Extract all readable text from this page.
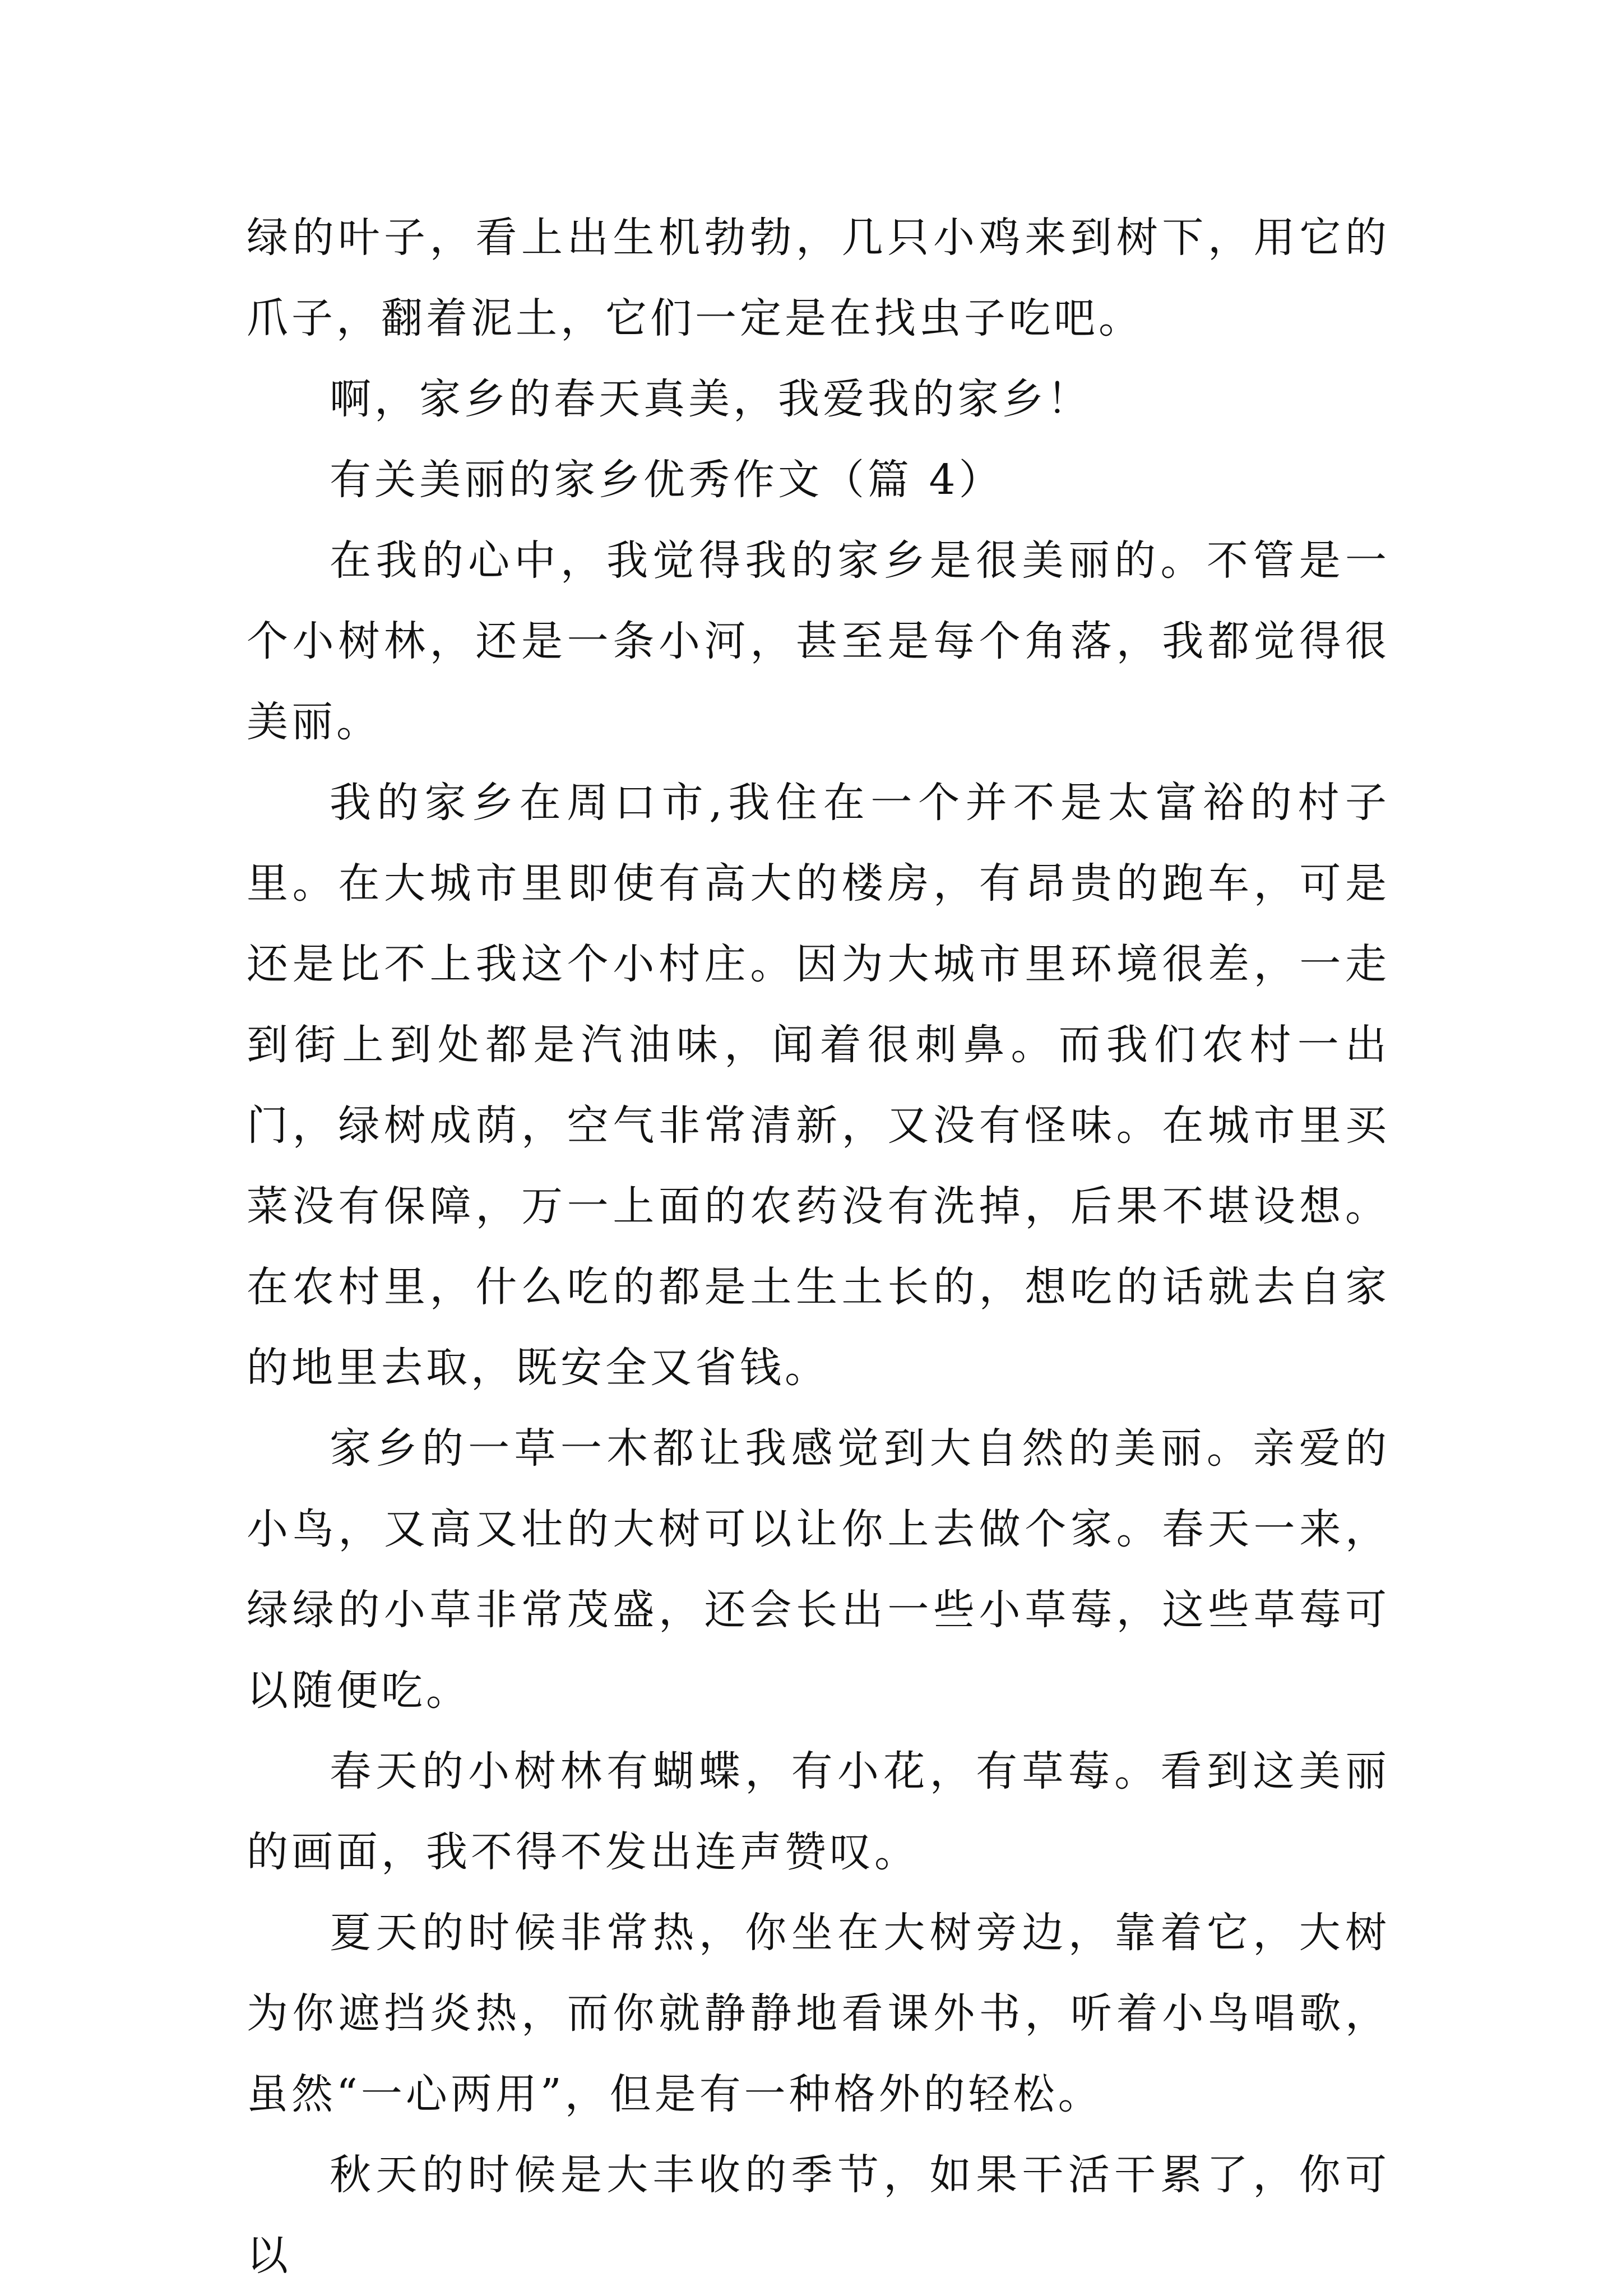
绿的叶子，看上出生机勃勃，几只小鸡来到树下，用它的爪子，翻着泥土，它们一定是在找虫子吃吧。

啊，家乡的春天真美，我爱我的家乡！

有关美丽的家乡优秀作文（篇 4）

在我的心中，我觉得我的家乡是很美丽的。不管是一个小树林，还是一条小河，甚至是每个角落，我都觉得很美丽。

我的家乡在周口市,我住在一个并不是太富裕的村子里。在大城市里即使有高大的楼房，有昂贵的跑车，可是还是比不上我这个小村庄。因为大城市里环境很差，一走到街上到处都是汽油味，闻着很刺鼻。而我们农村一出门，绿树成荫，空气非常清新，又没有怪味。在城市里买菜没有保障，万一上面的农药没有洗掉，后果不堪设想。在农村里，什么吃的都是土生土长的，想吃的话就去自家的地里去取，既安全又省钱。

家乡的一草一木都让我感觉到大自然的美丽。亲爱的小鸟，又高又壮的大树可以让你上去做个家。春天一来，绿绿的小草非常茂盛，还会长出一些小草莓，这些草莓可以随便吃。

春天的小树林有蝴蝶，有小花，有草莓。看到这美丽的画面，我不得不发出连声赞叹。

夏天的时候非常热，你坐在大树旁边，靠着它，大树为你遮挡炎热，而你就静静地看课外书，听着小鸟唱歌，虽然“一心两用”，但是有一种格外的轻松。

秋天的时候是大丰收的季节，如果干活干累了，你可以
